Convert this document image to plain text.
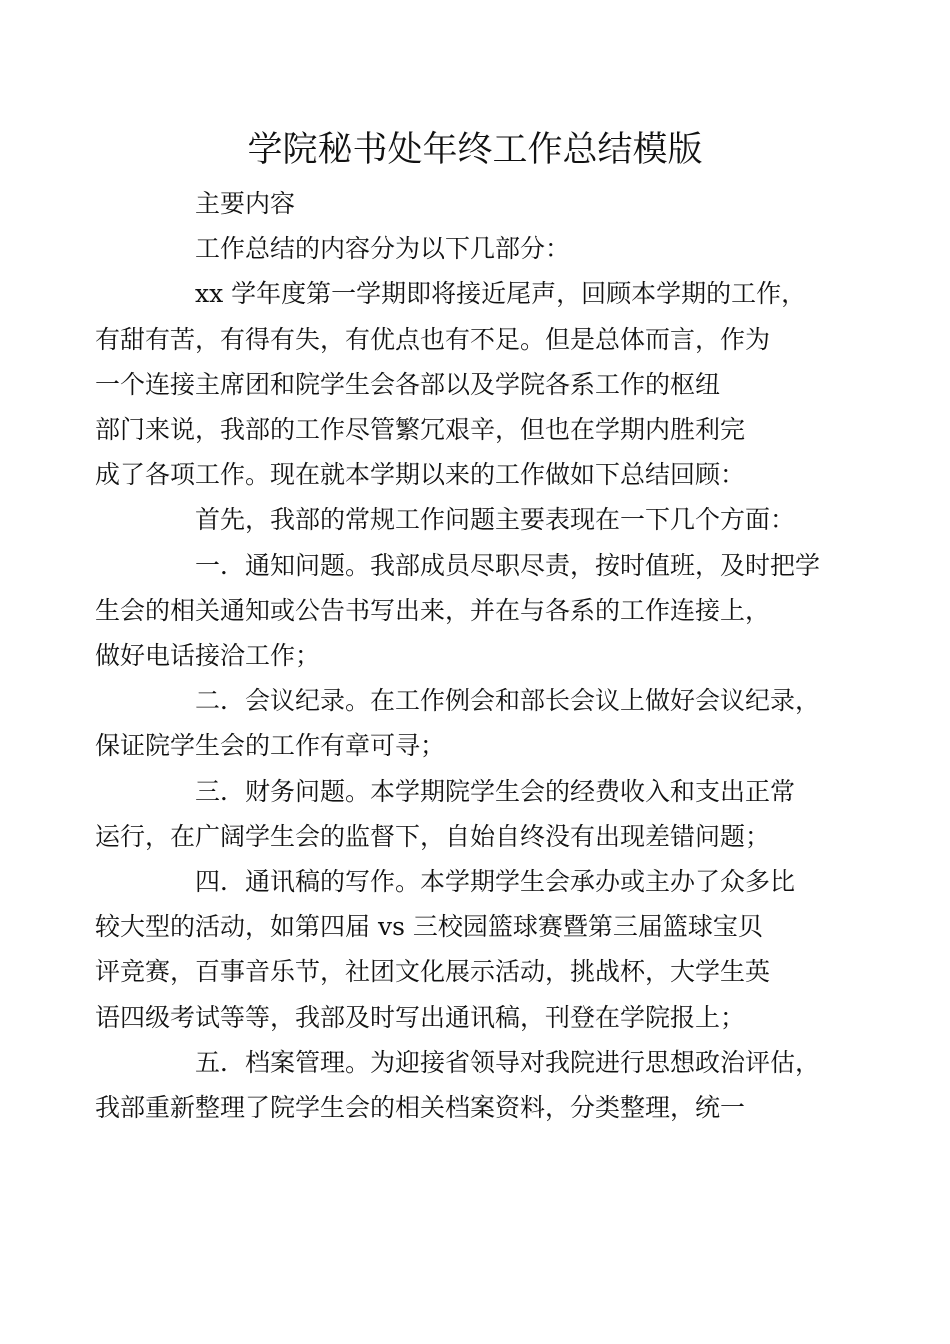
学院秘书处年终工作总结模版

主要内容

工作总结的内容分为以下几部分：

xx 学年度第一学期即将接近尾声，回顾本学期的工作，
有甜有苦，有得有失，有优点也有不足。但是总体而言，作为
一个连接主席团和院学生会各部以及学院各系工作的枢纽
部门来说，我部的工作尽管繁冗艰辛，但也在学期内胜利完
成了各项工作。现在就本学期以来的工作做如下总结回顾：

首先，我部的常规工作问题主要表现在一下几个方面：

一．通知问题。我部成员尽职尽责，按时值班，及时把学
生会的相关通知或公告书写出来，并在与各系的工作连接上，
做好电话接洽工作；

二．会议纪录。在工作例会和部长会议上做好会议纪录，
保证院学生会的工作有章可寻；

三．财务问题。本学期院学生会的经费收入和支出正常
运行，在广阔学生会的监督下，自始自终没有出现差错问题；

四．通讯稿的写作。本学期学生会承办或主办了众多比
较大型的活动，如第四届 vs 三校园篮球赛暨第三届篮球宝贝
评竞赛，百事音乐节，社团文化展示活动，挑战杯，大学生英
语四级考试等等，我部及时写出通讯稿，刊登在学院报上；

五．档案管理。为迎接省领导对我院进行思想政治评估，
我部重新整理了院学生会的相关档案资料，分类整理，统一
